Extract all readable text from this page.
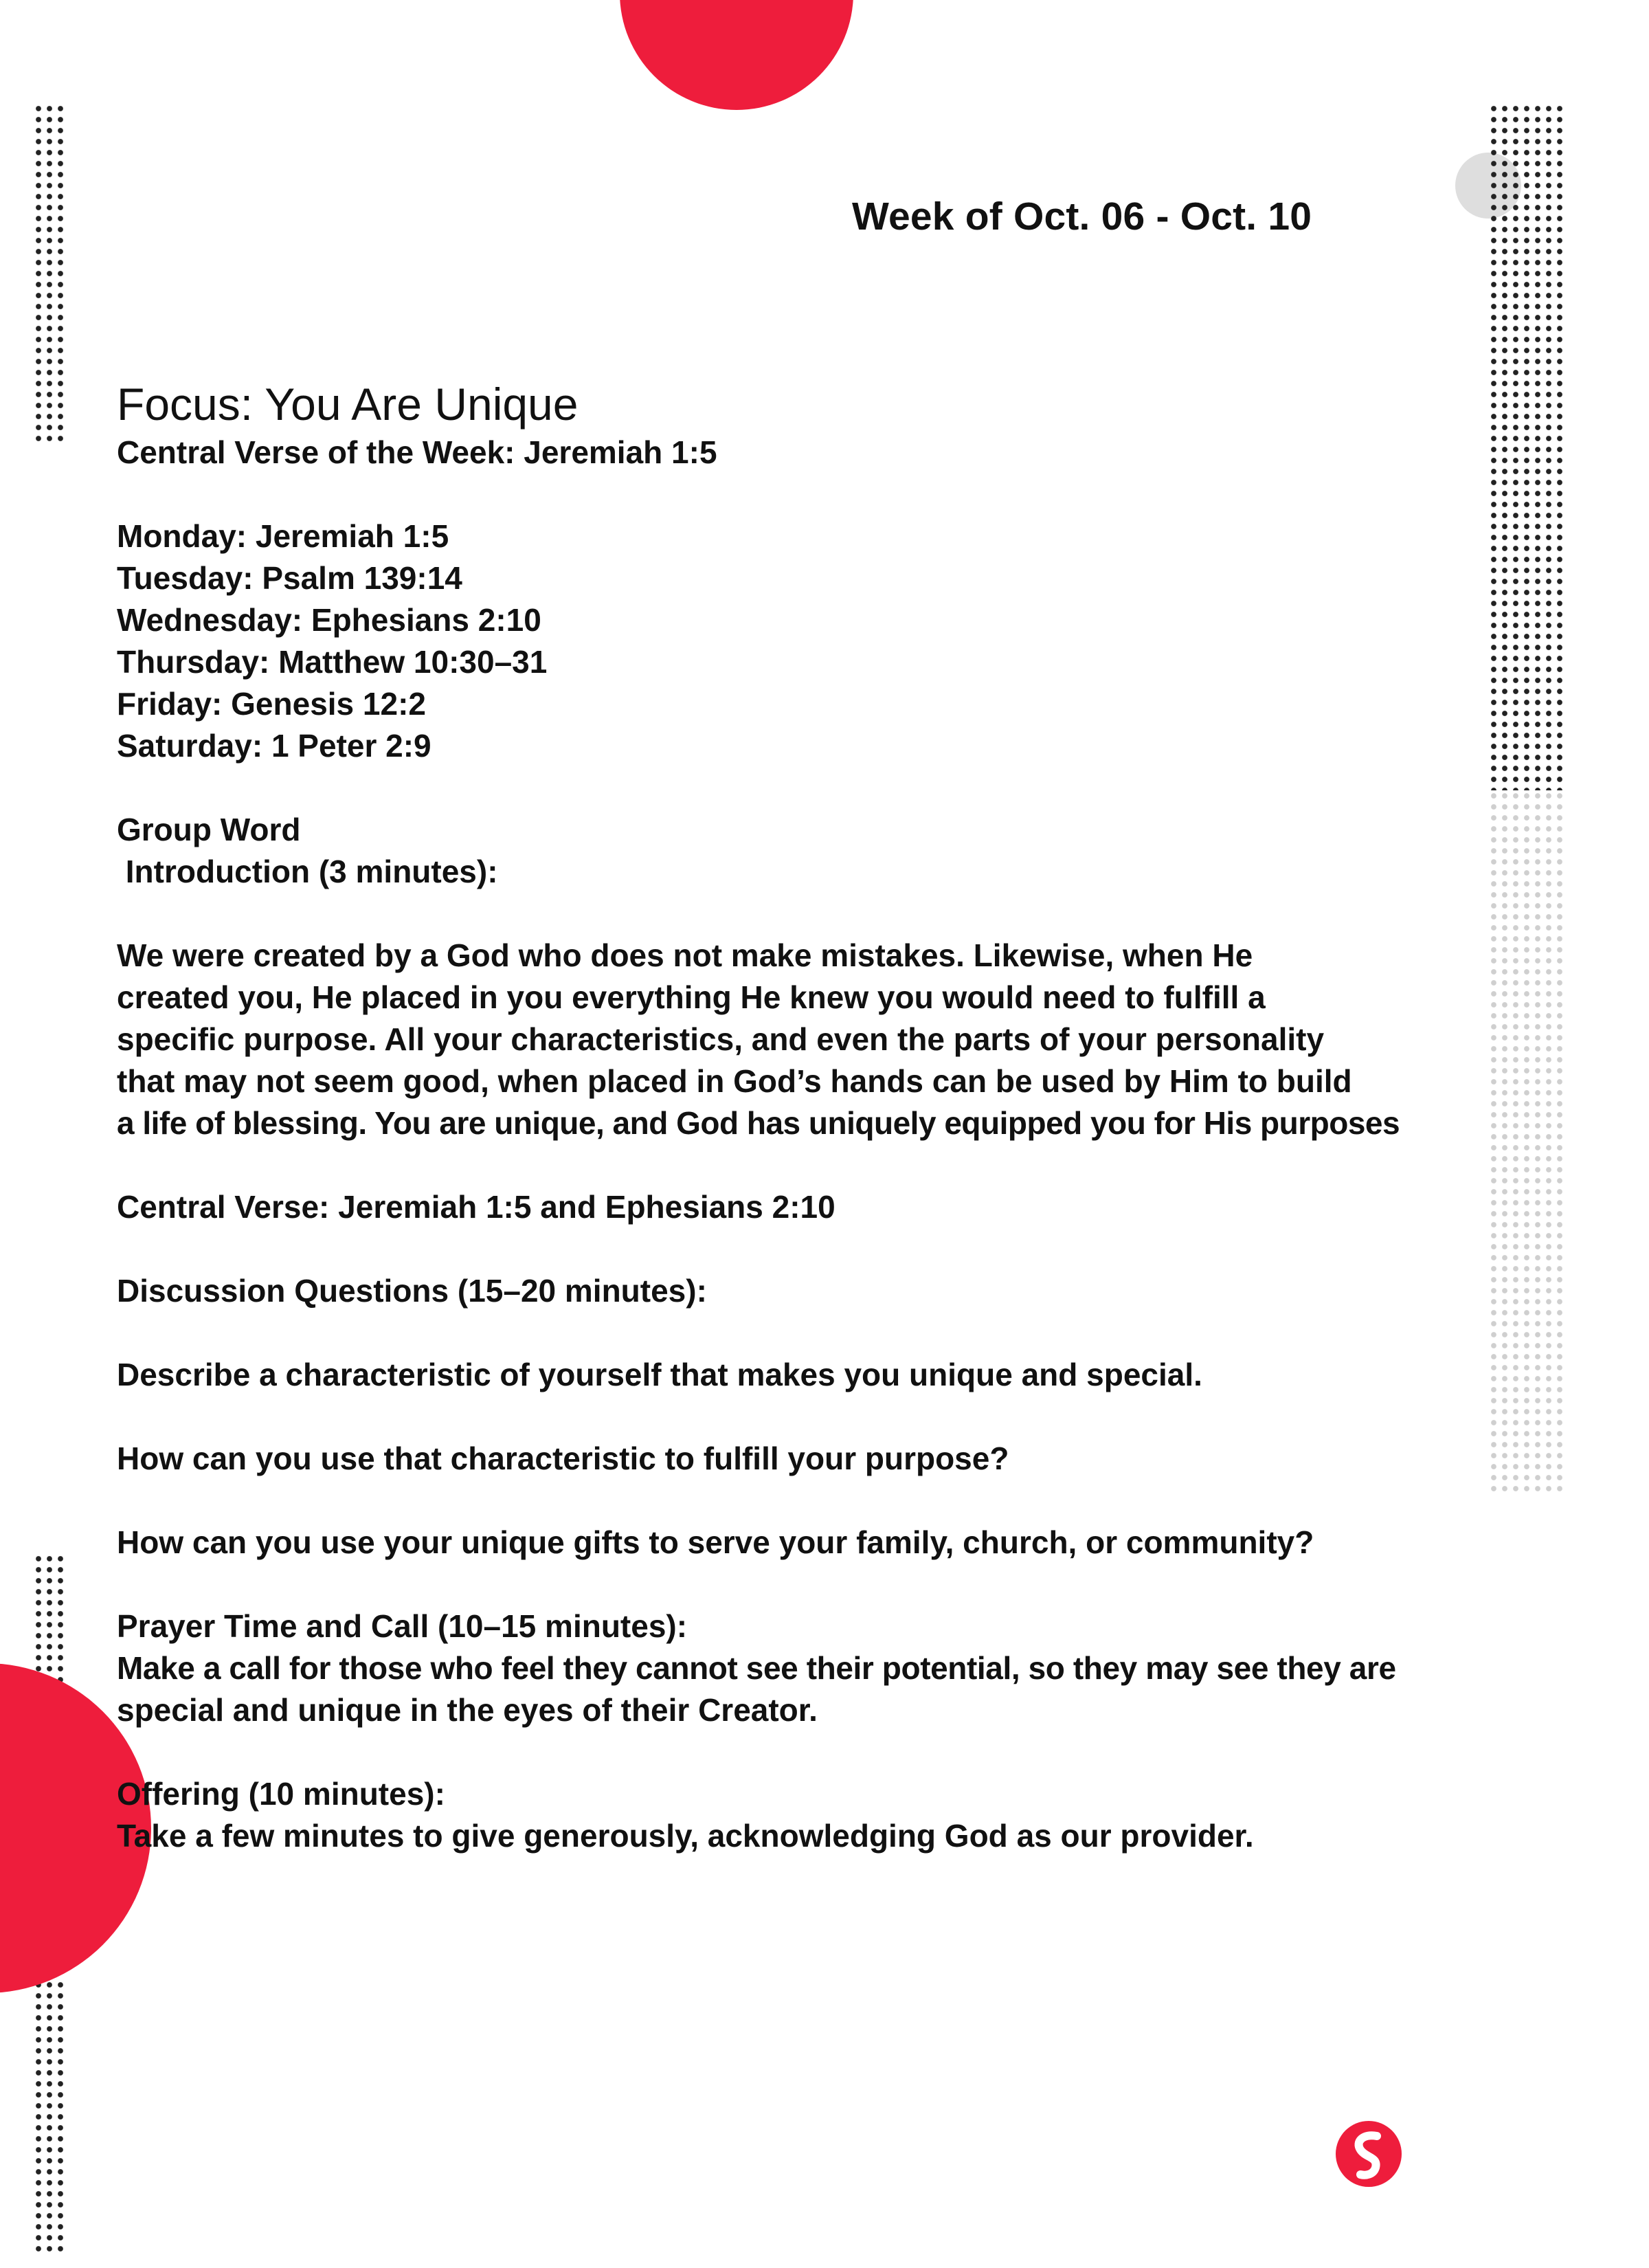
Week of Oct. 06 - Oct. 10

Focus: You Are Unique

Central Verse of the Week: Jeremiah 1:5

Monday: Jeremiah 1:5

Tuesday: Psalm 139:14

Wednesday: Ephesians 2:10

Thursday: Matthew 10:30–31

Friday: Genesis 12:2

Saturday: 1 Peter 2:9

Group Word

Introduction (3 minutes):

We were created by a God who does not make mistakes. Likewise, when He

created you, He placed in you everything He knew you would need to fulfill a

specific purpose. All your characteristics, and even the parts of your personality

that may not seem good, when placed in God’s hands can be used by Him to build

a life of blessing. You are unique, and God has uniquely equipped you for His purposes

Central Verse: Jeremiah 1:5 and Ephesians 2:10

Discussion Questions (15–20 minutes):

Describe a characteristic of yourself that makes you unique and special.

How can you use that characteristic to fulfill your purpose?

How can you use your unique gifts to serve your family, church, or community?

Prayer Time and Call (10–15 minutes):

Make a call for those who feel they cannot see their potential, so they may see they are

special and unique in the eyes of their Creator.

Offering (10 minutes):

Take a few minutes to give generously, acknowledging God as our provider.
